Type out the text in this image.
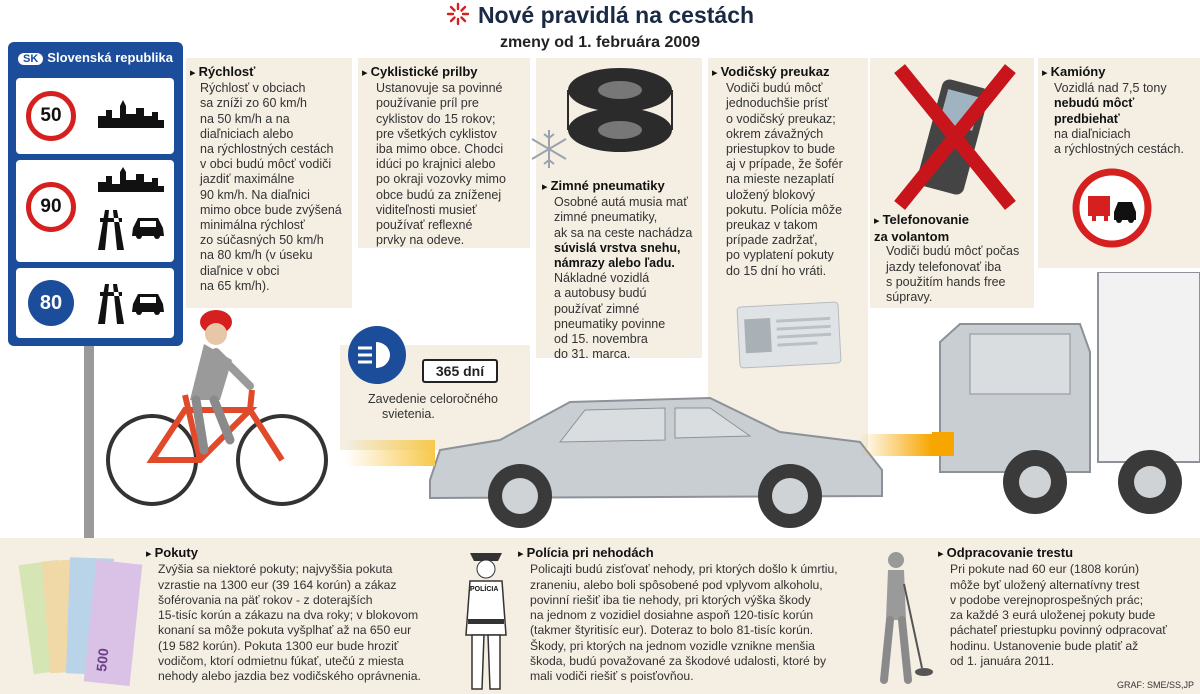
Nové pravidlá na cestách
zmeny od 1. februára 2009
SK Slovenská republika
50
90
80
▸ Rýchlosť
Rýchlosť v obciach
sa zníži zo 60 km/h
na 50 km/h a na
diaľniciach alebo
na rýchlostných cestách
v obci budú môcť vodiči
jazdiť maximálne
90 km/h. Na diaľnici
mimo obce bude zvýšená
minimálna rýchlosť
zo súčasných 50 km/h
na 80 km/h (v úseku
diaľnice v obci
na 65 km/h).
▸ Cyklistické prilby
Ustanovuje sa povinné
používanie príl pre
cyklistov do 15 rokov;
pre všetkých cyklistov
iba mimo obce. Chodci
idúci po krajnici alebo
po okraji vozovky mimo
obce budú za zníženej
viditeľnosti musieť
používať reflexné
prvky na odeve.
▸ Zimné pneumatiky
Osobné autá musia mať
zimné pneumatiky,
ak sa na ceste nachádza
súvislá vrstva snehu,
námrazy alebo ľadu.
Nákladné vozidlá
a autobusy budú
používať zimné
pneumatiky povinne
od 15. novembra
do 31. marca.
▸ Vodičský preukaz
Vodiči budú môcť
jednoduchšie prísť
o vodičský preukaz;
okrem závažných
priestupkov to bude
aj v prípade, že šofér
na mieste nezaplatí
uložený blokový
pokutu. Polícia môže
preukaz v takom
prípade zadržať,
po vyplatení pokuty
do 15 dní ho vráti.
▸ Telefonovanie za volantom
Vodiči budú môcť počas
jazdy telefonovať iba
s použitím hands free
súpravy.
▸ Kamióny
Vozidlá nad 7,5 tony
nebudú môcť
predbiehať
na diaľniciach
a rýchlostných cestách.
365 dní
Zavedenie celoročného
svietenia.
500
▸ Pokuty
Zvýšia sa niektoré pokuty; najvyššia pokuta
vzrastie na 1300 eur (39 164 korún) a zákaz
šoférovania na päť rokov - z doterajších
15-tisíc korún a zákazu na dva roky; v blokovom
konaní sa môže pokuta vyšplhať až na 650 eur
(19 582 korún). Pokuta 1300 eur bude hroziť
vodičom, ktorí odmietnu fúkať, utečú z miesta
nehody alebo jazdia bez vodičského oprávnenia.
POLÍCIA
▸ Polícia pri nehodách
Policajti budú zisťovať nehody, pri ktorých došlo k úmrtiu,
zraneniu, alebo boli spôsobené pod vplyvom alkoholu,
povinní riešiť iba tie nehody, pri ktorých výška škody
na jednom z vozidiel dosiahne aspoň 120-tisíc korún
(takmer štyritisíc eur). Doteraz to bolo 81-tisíc korún.
Škody, pri ktorých na jednom vozidle vznikne menšia
škoda, budú považované za škodové udalosti, ktoré by
mali vodiči riešiť s poisťovňou.
▸ Odpracovanie trestu
Pri pokute nad 60 eur (1808 korún)
môže byť uložený alternatívny trest
v podobe verejnoprospešných prác;
za každé 3 eurá uloženej pokuty bude
páchateľ priestupku povinný odpracovať
hodinu. Ustanovenie bude platiť až
od 1. januára 2011.
GRAF: SME/SS,JP
